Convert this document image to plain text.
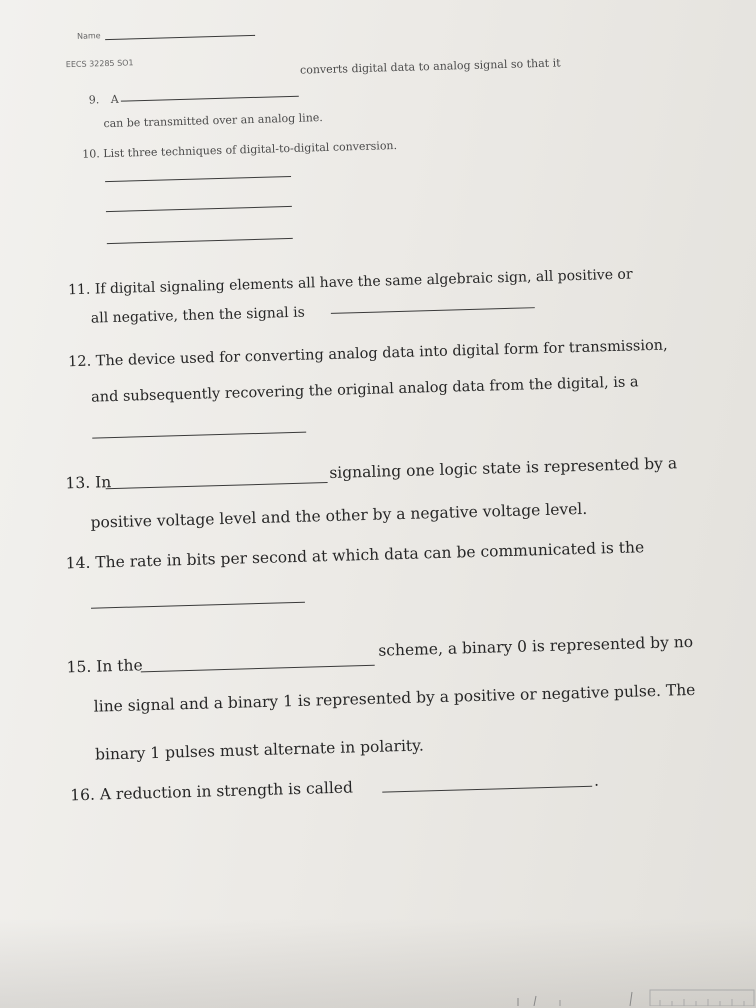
Name
EECS 32285 SO1
9. A
converts digital data to analog signal so that it
can be transmitted over an analog line.
10. List three techniques of digital-to-digital conversion.
11. If digital signaling elements all have the same algebraic sign, all positive or
all negative, then the signal is
12. The device used for converting analog data into digital form for transmission,
and subsequently recovering the original analog data from the digital, is a
13. In
signaling one logic state is represented by a
positive voltage level and the other by a negative voltage level.
14. The rate in bits per second at which data can be communicated is the
15. In the
scheme, a binary 0 is represented by no
line signal and a binary 1 is represented by a positive or negative pulse. The
binary 1 pulses must alternate in polarity.
16. A reduction in strength is called	.
